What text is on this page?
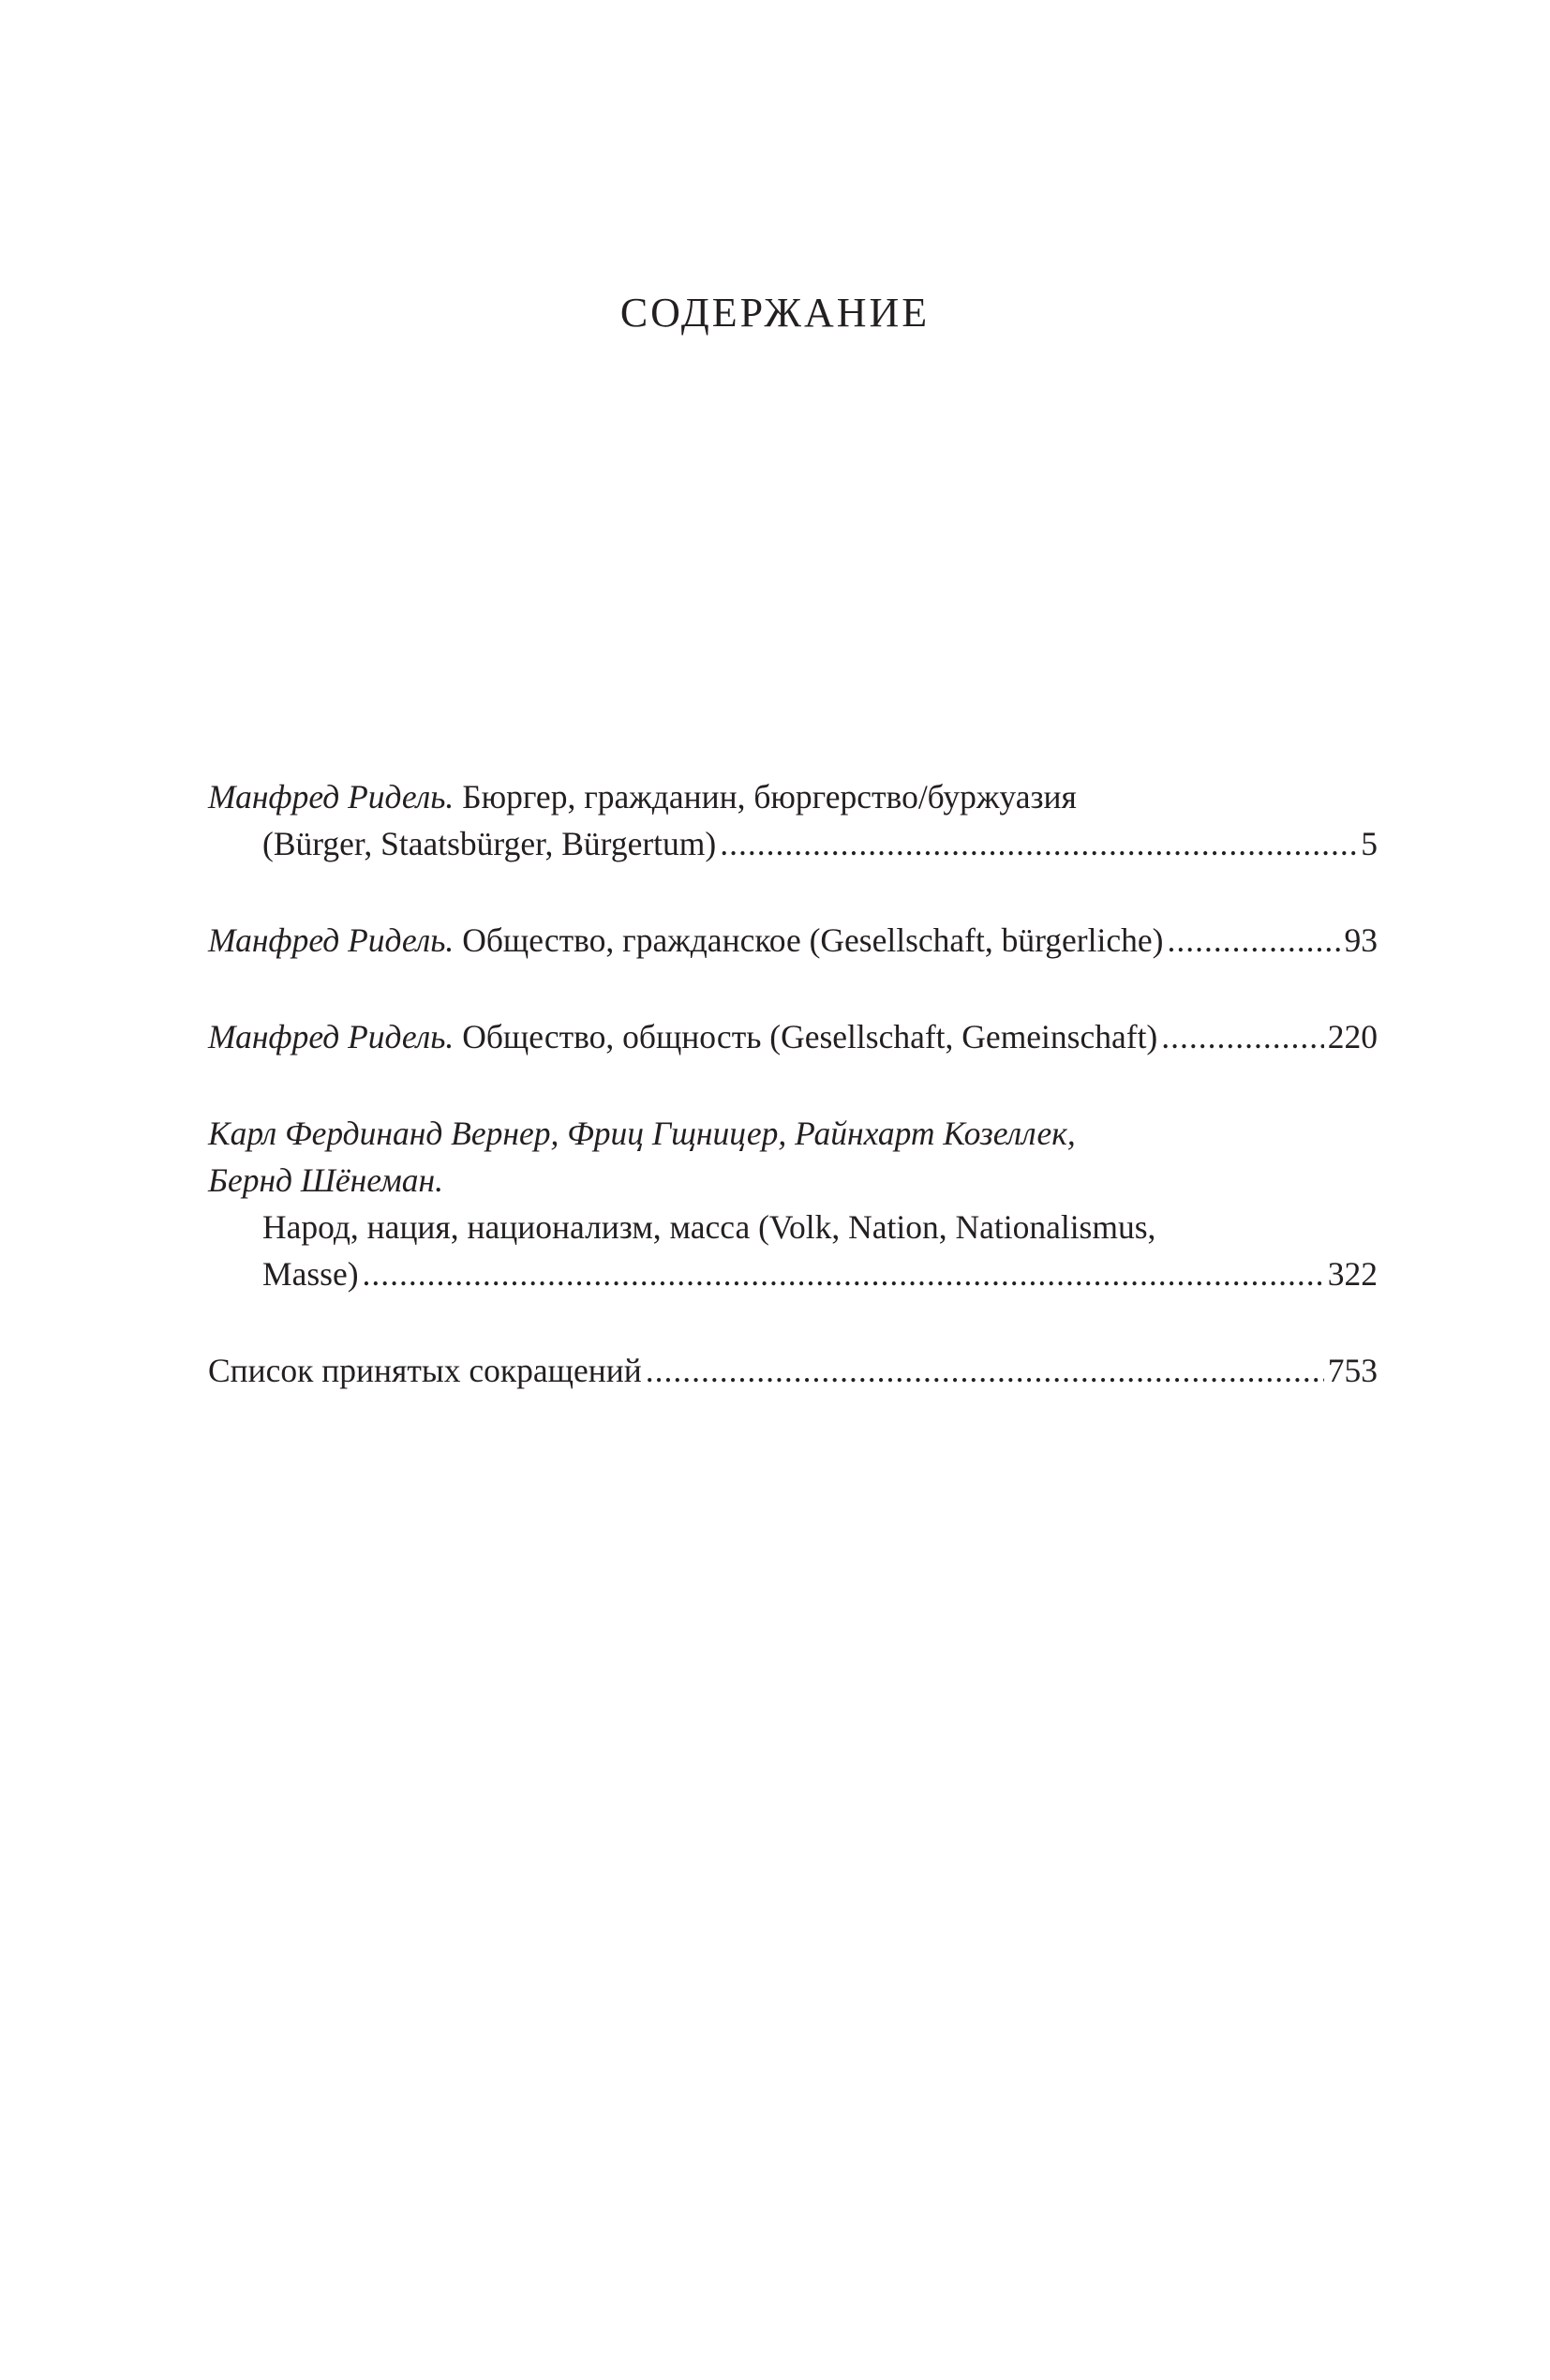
СОДЕРЖАНИЕ
Манфред Ридель. Бюргер, гражданин, бюргерство/буржуазия
(Bürger, Staatsbürger, Bürgertum) .....	5
Манфред Ридель. Общество, гражданское (Gesellschaft, bürgerliche) .....	93
Манфред Ридель. Общество, общность (Gesellschaft, Gemeinschaft) .....	220
Карл Фердинанд Вернер, Фриц Гщницер, Райнхарт Козеллек,
Бернд Шёнеман.
Народ, нация, национализм, масса (Volk, Nation, Nationalismus,
Masse) .....	322
Список принятых сокращений .....	753
